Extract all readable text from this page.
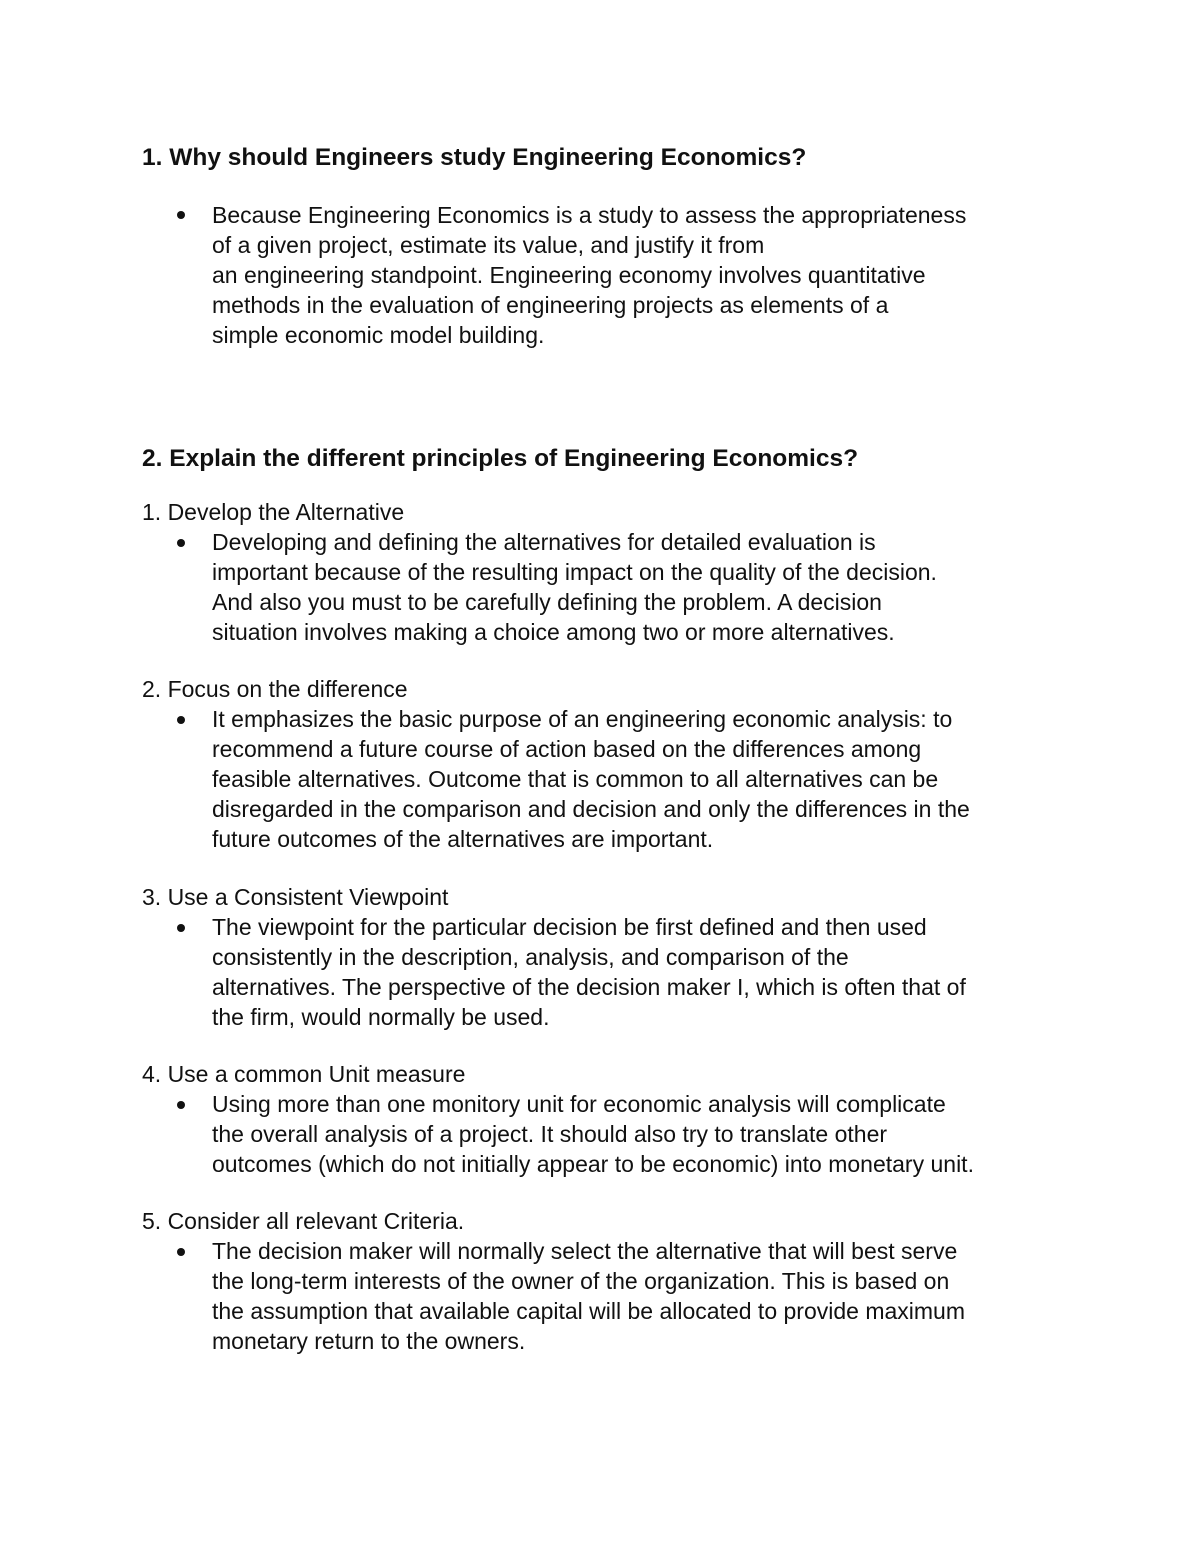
1. Why should Engineers study Engineering Economics?

Because Engineering Economics is a study to assess the appropriateness
of a given project, estimate its value, and justify it from
an engineering standpoint. Engineering economy involves quantitative
methods in the evaluation of engineering projects as elements of a
simple economic model building.

2. Explain the different principles of Engineering Economics?

1. Develop the Alternative

Developing and defining the alternatives for detailed evaluation is
important because of the resulting impact on the quality of the decision.
And also you must to be carefully defining the problem. A decision
situation involves making a choice among two or more alternatives.

2. Focus on the difference

It emphasizes the basic purpose of an engineering economic analysis: to
recommend a future course of action based on the differences among
feasible alternatives. Outcome that is common to all alternatives can be
disregarded in the comparison and decision and only the differences in the
future outcomes of the alternatives are important.

3. Use a Consistent Viewpoint

The viewpoint for the particular decision be first defined and then used
consistently in the description, analysis, and comparison of the
alternatives. The perspective of the decision maker I, which is often that of
the firm, would normally be used.

4. Use a common Unit measure

Using more than one monitory unit for economic analysis will complicate
the overall analysis of a project. It should also try to translate other
outcomes (which do not initially appear to be economic) into monetary unit.

5. Consider all relevant Criteria.

The decision maker will normally select the alternative that will best serve
the long-term interests of the owner of the organization. This is based on
the assumption that available capital will be allocated to provide maximum
monetary return to the owners.
